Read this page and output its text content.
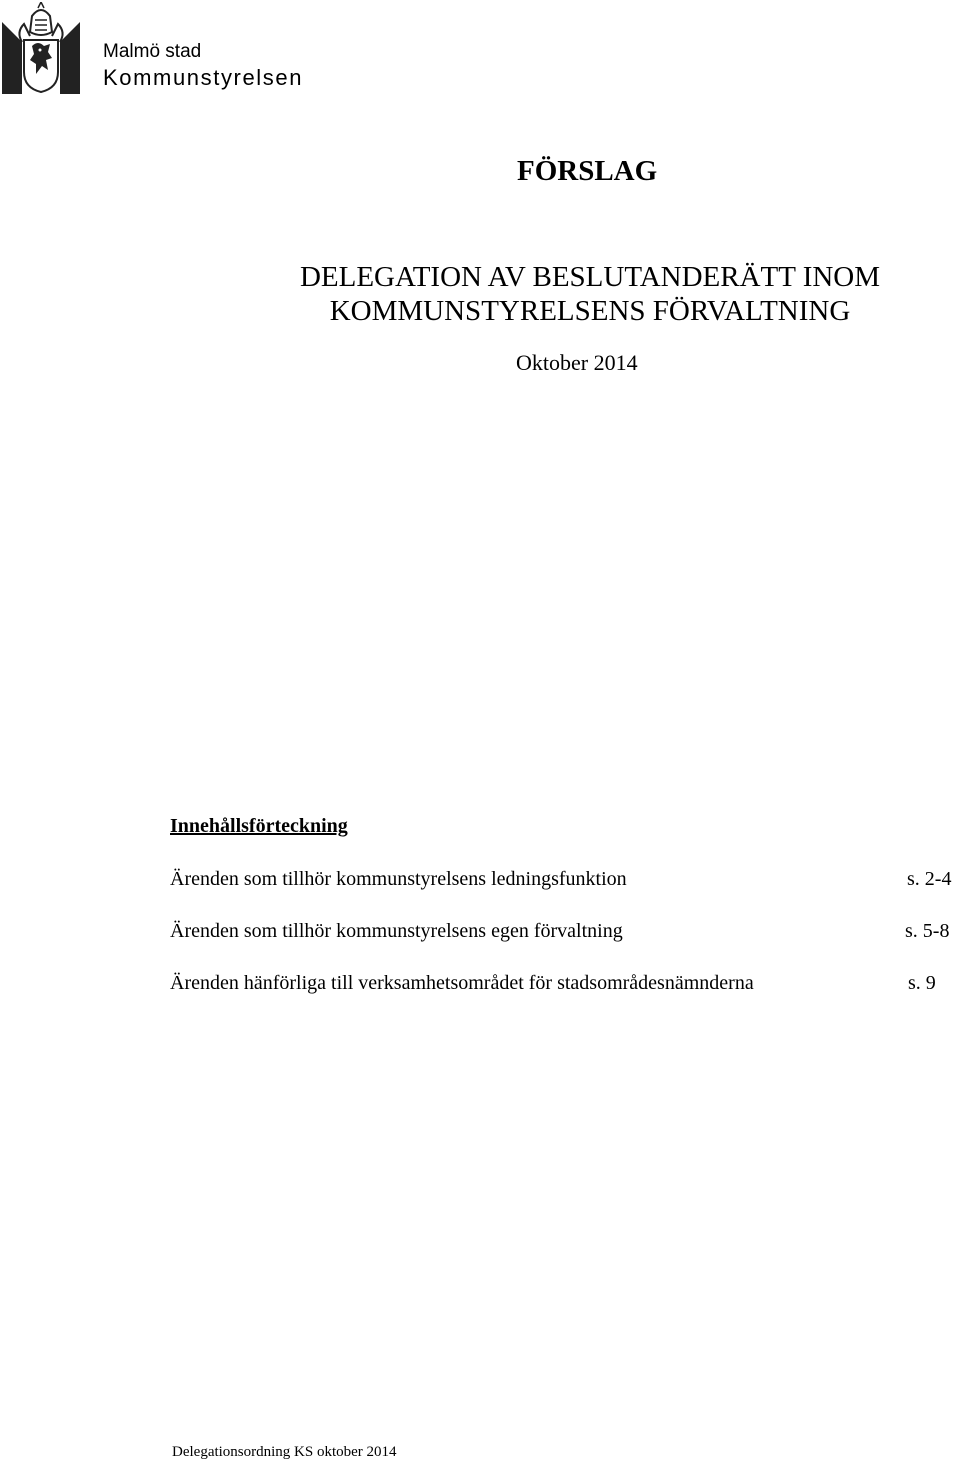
Malmö stad
Kommunstyrelsen
FÖRSLAG
DELEGATION AV BESLUTANDERÄTT INOM
KOMMUNSTYRELSENS FÖRVALTNING
Oktober 2014
Innehållsförteckning
Ärenden som tillhör kommunstyrelsens ledningsfunktion	s. 2-4
Ärenden som tillhör kommunstyrelsens egen förvaltning	s. 5-8
Ärenden hänförliga till verksamhetsområdet för stadsområdesnämnderna	s. 9
Delegationsordning KS oktober 2014
